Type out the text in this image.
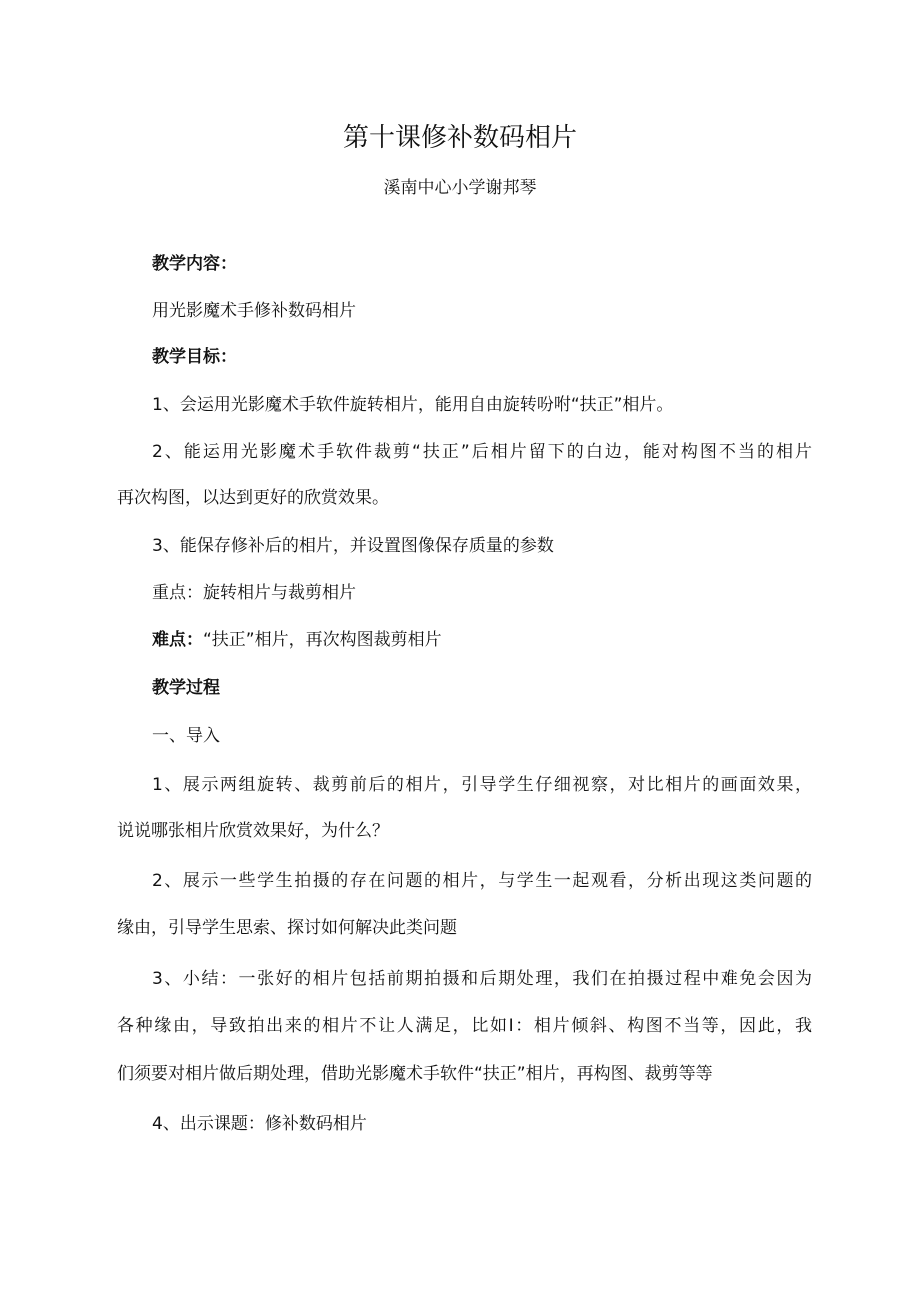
第十课修补数码相片
溪南中心小学谢邦琴
教学内容：
用光影魔术手修补数码相片
教学目标：
1、会运用光影魔术手软件旋转相片，能用自由旋转吩咐“扶正”相片。
2、能运用光影魔术手软件裁剪“扶正”后相片留下的白边，能对构图不当的相片
再次构图，以达到更好的欣赏效果。
3、能保存修补后的相片，并设置图像保存质量的参数
重点：旋转相片与裁剪相片
难点：“扶正”相片，再次构图裁剪相片
教学过程
一、导入
1、展示两组旋转、裁剪前后的相片，引导学生仔细视察，对比相片的画面效果，
说说哪张相片欣赏效果好，为什么？
2、展示一些学生拍摄的存在问题的相片，与学生一起观看，分析出现这类问题的
缘由，引导学生思索、探讨如何解决此类问题
3、小结：一张好的相片包括前期拍摄和后期处理，我们在拍摄过程中难免会因为
各种缘由，导致拍出来的相片不让人满足，比如I：相片倾斜、构图不当等，因此，我
们须要对相片做后期处理，借助光影魔术手软件“扶正”相片，再构图、裁剪等等
4、出示课题：修补数码相片
